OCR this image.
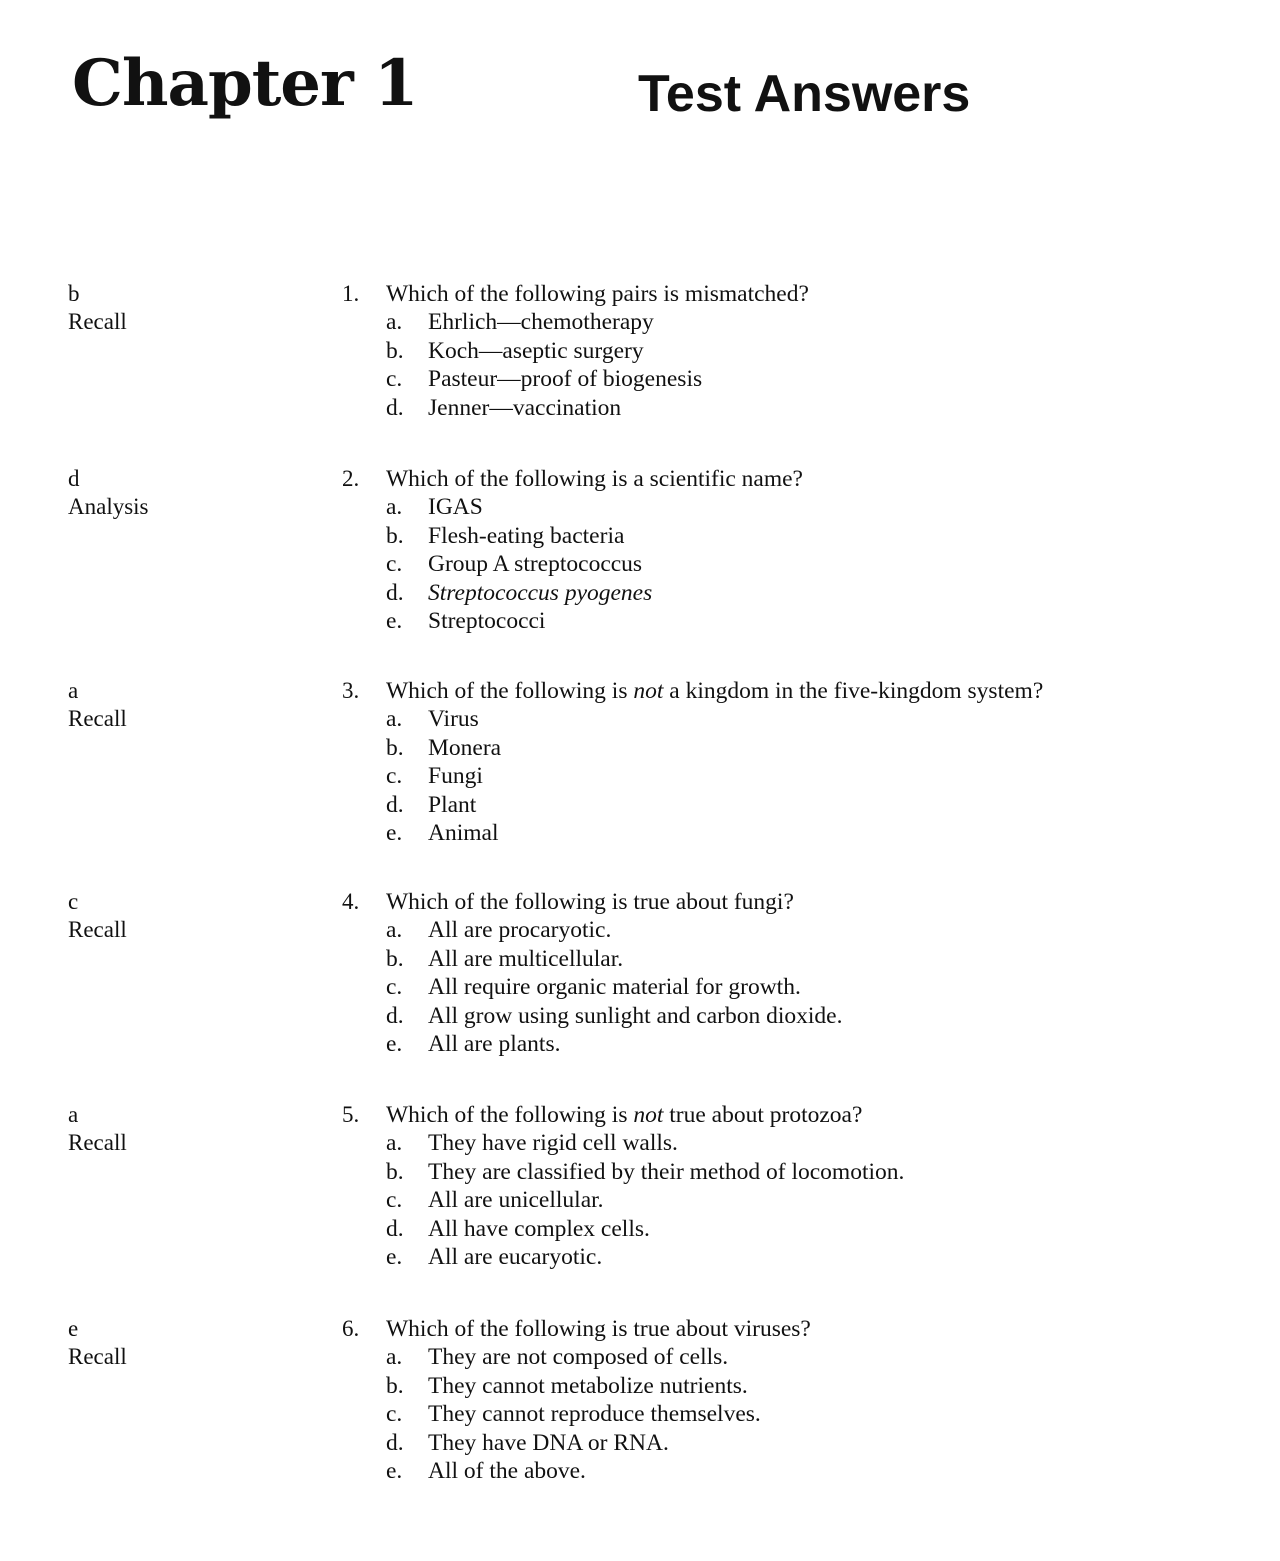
Chapter 1	Test Answers
b
Recall
1. Which of the following pairs is mismatched?
a.	Ehrlich—chemotherapy
b.	Koch—aseptic surgery
c.	Pasteur—proof of biogenesis
d.	Jenner—vaccination
d
Analysis
2. Which of the following is a scientific name?
a.	IGAS
b.	Flesh-eating bacteria
c.	Group A streptococcus
d.	Streptococcus pyogenes
e.	Streptococci
a
Recall
3. Which of the following is not a kingdom in the five-kingdom system?
a.	Virus
b.	Monera
c.	Fungi
d.	Plant
e.	Animal
c
Recall
4. Which of the following is true about fungi?
a.	All are procaryotic.
b.	All are multicellular.
c.	All require organic material for growth.
d.	All grow using sunlight and carbon dioxide.
e.	All are plants.
a
Recall
5. Which of the following is not true about protozoa?
a.	They have rigid cell walls.
b.	They are classified by their method of locomotion.
c.	All are unicellular.
d.	All have complex cells.
e.	All are eucaryotic.
e
Recall
6. Which of the following is true about viruses?
a.	They are not composed of cells.
b.	They cannot metabolize nutrients.
c.	They cannot reproduce themselves.
d.	They have DNA or RNA.
e.	All of the above.
